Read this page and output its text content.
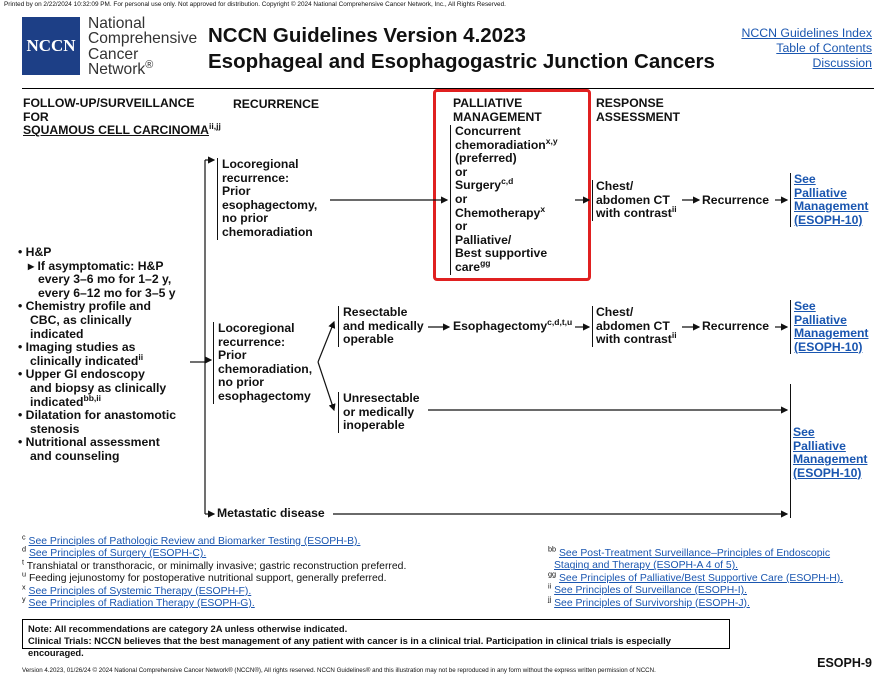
Printed by on 2/22/2024 10:32:09 PM. For personal use only. Not approved for distribution. Copyright © 2024 National Comprehensive Cancer Network, Inc., All Rights Reserved.
NCCN
National
Comprehensive
Cancer
Network®
NCCN Guidelines Version 4.2023
Esophageal and Esophagogastric Junction Cancers
NCCN Guidelines Index
Table of Contents
Discussion
FOLLOW-UP/SURVEILLANCE
FOR
SQUAMOUS CELL $CARCINOMA^{ii,jj}$
RECURRENCE	PALLIATIVE
MANAGEMENT
RESPONSE
ASSESSMENT
• H&P
▸ If asymptomatic: H&P
every 3–6 mo for 1–2 y,
every 6–12 mo for 3–5 y
• Chemistry profile and
CBC, as clinically
indicated
• Imaging studies as
clinically indicated$^{ii}$
• Upper GI endoscopy
and biopsy as clinically
indicated$^{bb,ii}$
• Dilatation for anastomotic
stenosis
• Nutritional assessment
and counseling
Locoregional
recurrence:
Prior
esophagectomy,
no prior
chemoradiation
Locoregional
recurrence:
Prior
chemoradiation,
no prior
esophagectomy
Metastatic disease
Concurrent
chemoradiation$^{x,y}$
(preferred)
or
Surgery$^{c,d}$
or
Chemotherapy$^x$
or
Palliative/
Best supportive
care$^{gg}$
Resectable
and medically
operable
Esophagectomy$^{c,d,t,u}$
Unresectable
or medically
inoperable
Chest/
abdomen CT
with contrast$^{ii}$
Recurrence
Chest/
abdomen CT
with contrast$^{ii}$
Recurrence
See
Palliative
Management
(ESOPH-10)
See
Palliative
Management
(ESOPH-10)
See
Palliative
Management
(ESOPH-10)
$^c$ See Principles of Pathologic Review and Biomarker Testing (ESOPH-B).
$^d$ See Principles of Surgery (ESOPH-C).
$^t$ Transhiatal or transthoracic, or minimally invasive; gastric reconstruction preferred.
$^u$ Feeding jejunostomy for postoperative nutritional support, generally preferred.
$^x$ See Principles of Systemic Therapy (ESOPH-F).
$^y$ See Principles of Radiation Therapy (ESOPH-G).
$^{bb}$ See Post-Treatment Surveillance–Principles of Endoscopic
Staging and Therapy (ESOPH-A 4 of 5).
$^{gg}$ See Principles of Palliative/Best Supportive Care (ESOPH-H).
$^{ii}$ See Principles of Surveillance (ESOPH-I).
$^{jj}$ See Principles of Survivorship (ESOPH-J).
Note: All recommendations are category 2A unless otherwise indicated.
Clinical Trials: NCCN believes that the best management of any patient with cancer is in a clinical trial. Participation in clinical trials is especially encouraged.
Version 4.2023, 01/26/24 © 2024 National Comprehensive Cancer Network® (NCCN®), All rights reserved. NCCN Guidelines® and this illustration may not be reproduced in any form without the express written permission of NCCN.
ESOPH-9
